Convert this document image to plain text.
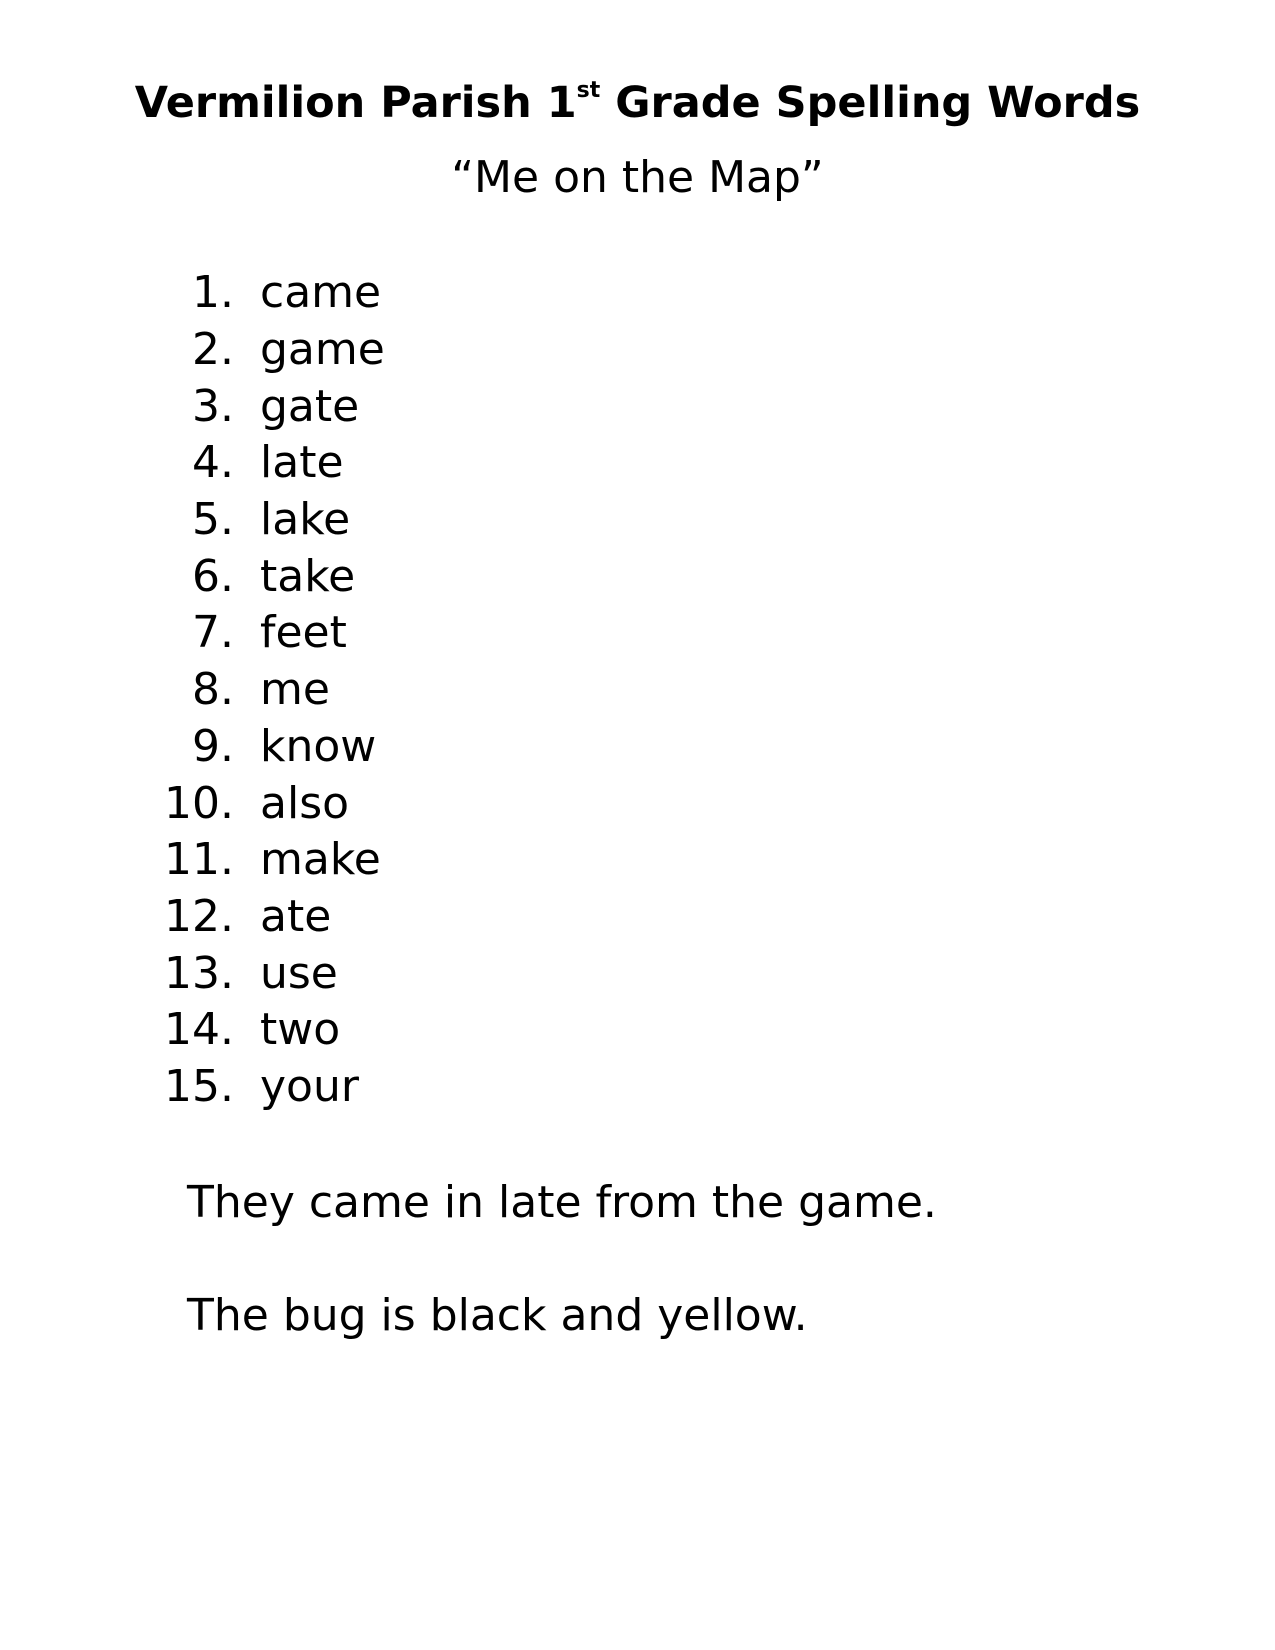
Vermilion Parish 1st Grade Spelling Words
“Me on the Map”
1. came
2. game
3. gate
4. late
5. lake
6. take
7. feet
8. me
9. know
10. also
11. make
12. ate
13. use
14. two
15. your
They came in late from the game.
The bug is black and yellow.
